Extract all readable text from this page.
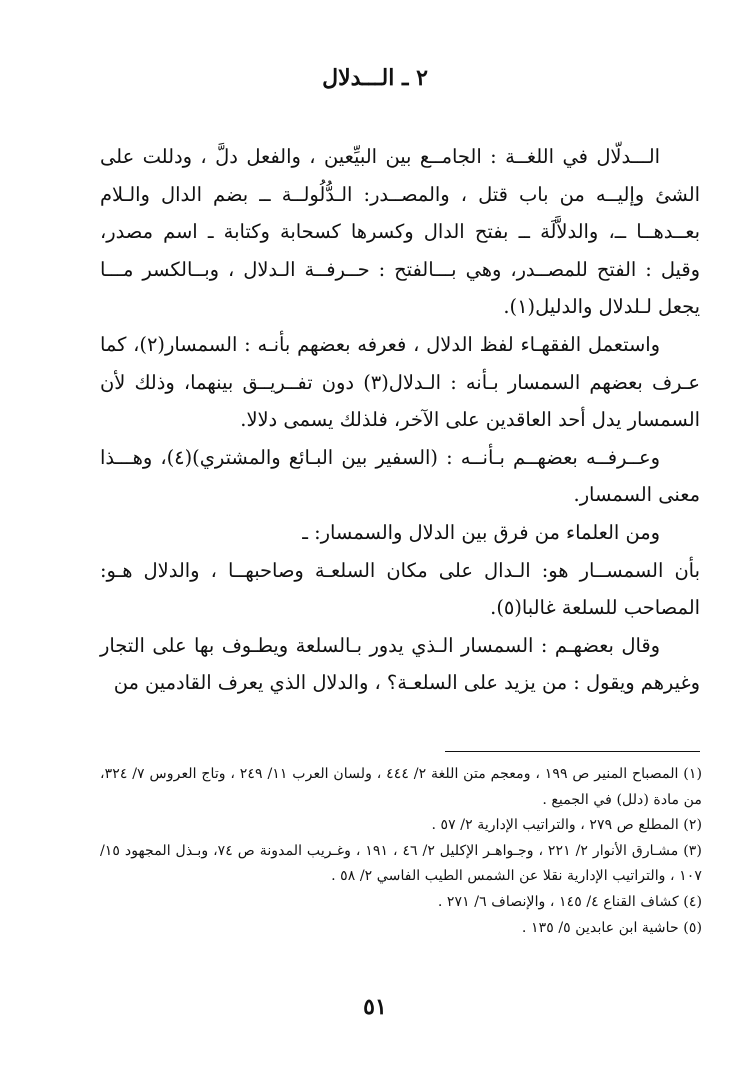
٢ ـ الـــدلال

الـــدلّال في اللغــة : الجامــع بين البيِّعين ، والفعل دلَّ ، ودللت على الشئ وإليــه من باب قتل ، والمصــدر: الـدُّلُولــة ــ بضم الدال والـلام بعــدهــا ــ، والدلاَّلَة ــ بفتح الدال وكسرها كسحابة وكتابة ـ اسم مصدر، وقيل : الفتح للمصــدر، وهي بـــالفتح : حــرفــة الـدلال ، وبــالكسر مـــا يجعل لـلدلال والدليل(١).

واستعمل الفقهـاء لفظ الدلال ، فعرفه بعضهم بأنـه : السمسار(٢)، كما عـرف بعضهم السمسار بـأنه : الـدلال(٣) دون تفــريــق بينهما، وذلك لأن السمسار يدل أحد العاقدين على الآخر، فلذلك يسمى دلالا.

وعــرفــه بعضهــم بـأنــه : (السفير بين البـائع والمشتري)(٤)، وهـــذا معنى السمسار.

ومن العلماء من فرق بين الدلال والسمسار: ـ

بأن السمســار هو: الـدال على مكان السلعـة وصاحبهــا ، والدلال هـو: المصاحب للسلعة غالبا(٥).

وقال بعضهـم : السمسار الـذي يدور بـالسلعة ويطـوف بها على التجار وغيرهم ويقول : من يزيد على السلعـة؟ ، والدلال الذي يعرف القادمين من

(١) المصباح المنير ص ١٩٩ ، ومعجم متن اللغة ٢/ ٤٤٤ ، ولسان العرب ١١/ ٢٤٩ ، وتاج العروس ٧/ ٣٢٤، من مادة (دلل) في الجميع .
(٢) المطلع ص ٢٧٩ ، والتراتيب الإدارية ٢/ ٥٧ .
(٣) مشـارق الأنوار ٢/ ٢٢١ ، وجـواهـر الإكليل ٢/ ٤٦ ، ١٩١ ، وغـريب المدونة ص ٧٤، وبـذل المجهود ١٥/ ١٠٧ ، والتراتيب الإدارية نقلا عن الشمس الطيب الفاسي ٢/ ٥٨ .
(٤) كشاف القناع ٤/ ١٤٥ ، والإنصاف ٦/ ٢٧١ .
(٥) حاشية ابن عابدين ٥/ ١٣٥ .
٥١
